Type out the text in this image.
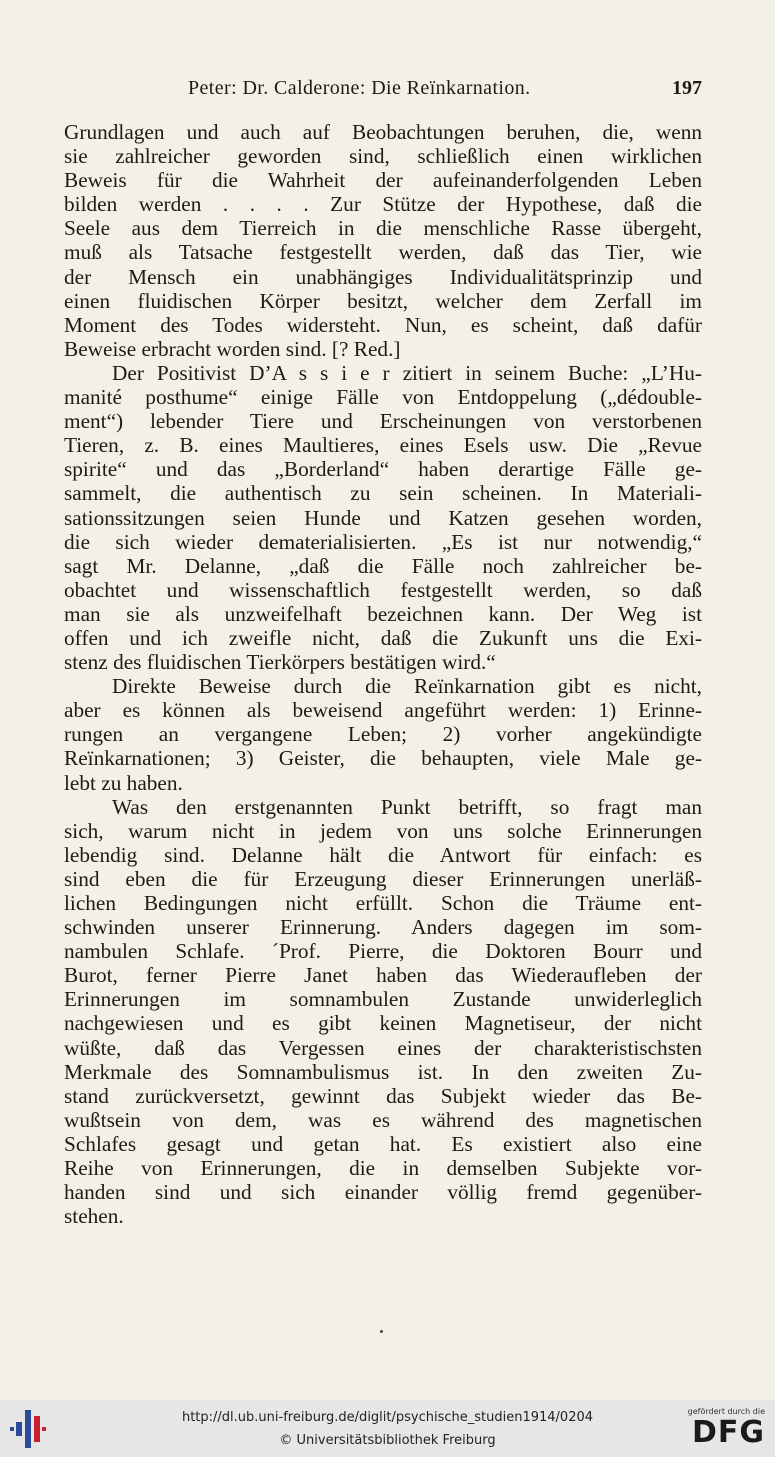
Peter: Dr. Calderone: Die Reïnkarnation.	197
Grundlagen und auch auf Beobachtungen beruhen, die, wenn
sie zahlreicher geworden sind, schließlich einen wirklichen
Beweis für die Wahrheit der aufeinanderfolgenden Leben
bilden werden . . . . Zur Stütze der Hypothese, daß die
Seele aus dem Tierreich in die menschliche Rasse übergeht,
muß als Tatsache festgestellt werden, daß das Tier, wie
der Mensch ein unabhängiges Individualitätsprinzip und
einen fluidischen Körper besitzt, welcher dem Zerfall im
Moment des Todes widersteht. Nun, es scheint, daß dafür
Beweise erbracht worden sind. [? Red.]
Der Positivist D’A s s i e r zitiert in seinem Buche: „L’Hu-
manité posthume“ einige Fälle von Entdoppelung („dédouble-
ment“) lebender Tiere und Erscheinungen von verstorbenen
Tieren, z. B. eines Maultieres, eines Esels usw. Die „Revue
spirite“ und das „Borderland“ haben derartige Fälle ge-
sammelt, die authentisch zu sein scheinen. In Materiali-
sationssitzungen seien Hunde und Katzen gesehen worden,
die sich wieder dematerialisierten. „Es ist nur notwendig,“
sagt Mr. Delanne, „daß die Fälle noch zahlreicher be-
obachtet und wissenschaftlich festgestellt werden, so daß
man sie als unzweifelhaft bezeichnen kann. Der Weg ist
offen und ich zweifle nicht, daß die Zukunft uns die Exi-
stenz des fluidischen Tierkörpers bestätigen wird.“
Direkte Beweise durch die Reïnkarnation gibt es nicht,
aber es können als beweisend angeführt werden: 1) Erinne-
rungen an vergangene Leben; 2) vorher angekündigte
Reïnkarnationen; 3) Geister, die behaupten, viele Male ge-
lebt zu haben.
Was den erstgenannten Punkt betrifft, so fragt man
sich, warum nicht in jedem von uns solche Erinnerungen
lebendig sind. Delanne hält die Antwort für einfach: es
sind eben die für Erzeugung dieser Erinnerungen unerläß-
lichen Bedingungen nicht erfüllt. Schon die Träume ent-
schwinden unserer Erinnerung. Anders dagegen im som-
nambulen Schlafe. ´Prof. Pierre, die Doktoren Bourr und
Burot, ferner Pierre Janet haben das Wiederaufleben der
Erinnerungen im somnambulen Zustande unwiderleglich
nachgewiesen und es gibt keinen Magnetiseur, der nicht
wüßte, daß das Vergessen eines der charakteristischsten
Merkmale des Somnambulismus ist. In den zweiten Zu-
stand zurückversetzt, gewinnt das Subjekt wieder das Be-
wußtsein von dem, was es während des magnetischen
Schlafes gesagt und getan hat. Es existiert also eine
Reihe von Erinnerungen, die in demselben Subjekte vor-
handen sind und sich einander völlig fremd gegenüber-
stehen.
http://dl.ub.uni-freiburg.de/diglit/psychische_studien1914/0204
© Universitätsbibliothek Freiburg
gefördert durch die
DFG
